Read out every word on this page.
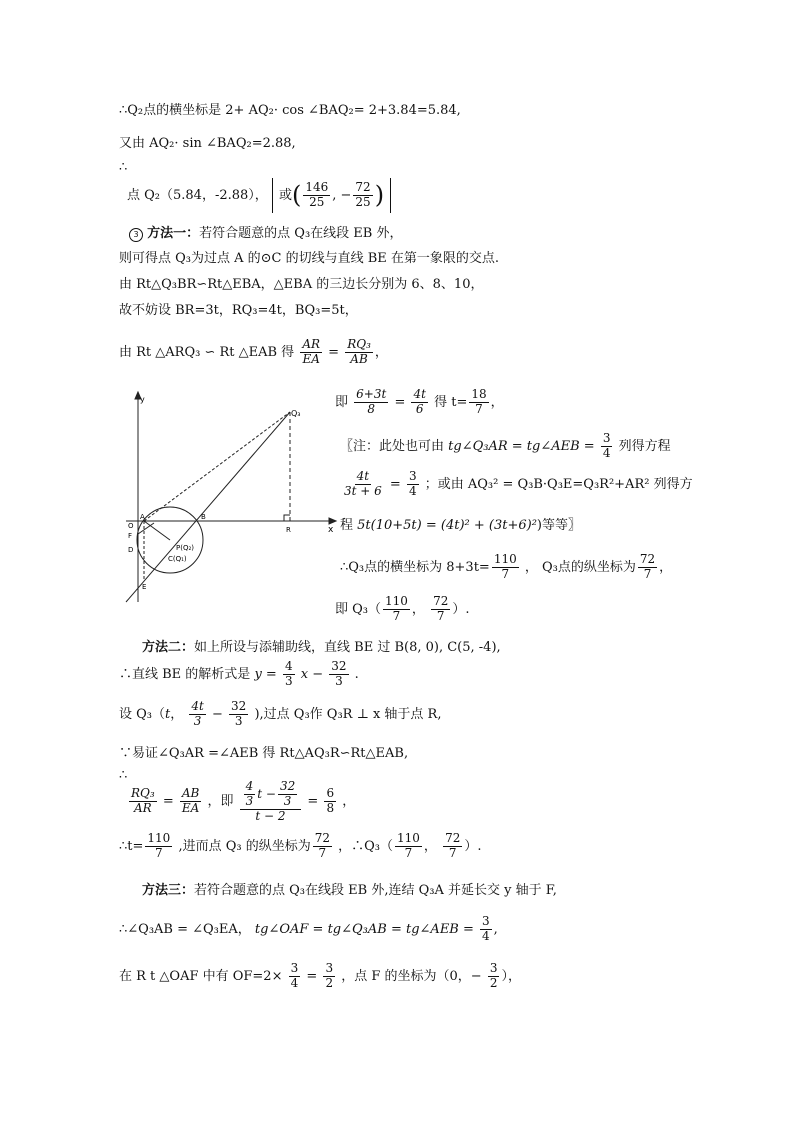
∴Q₂点的横坐标是 2+ AQ₂· cos ∠BAQ₂= 2+3.84=5.84,
又由 AQ₂· sin ∠BAQ₂=2.88,
∴
点 Q₂（5.84，-2.88）， 或 ( $\frac{146}{25}$ , − $\frac{72}{25}$ )
3 方法一：若符合题意的点 Q₃在线段 EB 外，
则可得点 Q₃为过点 A 的⊙C 的切线与直线 BE 在第一象限的交点.
由 Rt△Q₃BR∽Rt△EBA，△EBA 的三边长分别为 6、8、10，
故不妨设 BR=3t，RQ₃=4t，BQ₃=5t，
由 Rt △ARQ₃ ∽ Rt △EAB 得 $\frac{AR}{EA} = \frac{\text{RQ₃}}{AB}$ ，
y
x
Q₃
A	B
O
E
D
F
R
P(Q₂)
C(Q₁)
即 $\frac{6+3t}{8} = \frac{4t}{6}$ 得 $t= \frac{18}{7}$ ，
〖注：此处也可由 tg∠Q₃AR = tg∠AEB = $\frac{3}{4}$ 列得方程
$\frac{4t}{3t + 6} = \frac{3}{4}$ ；或由 AQ₃² = Q₃B·Q₃E=Q₃R²+AR² 列得方
程 5t(10+5t) = (4t)² + (3t+6)²)等等〗
∴Q₃点的横坐标为 $8+3t= \frac{110}{7}$ ， Q₃点的纵坐标为 $\frac{72}{7}$ ，
即 $Q_3( \frac{110}{7}$ ， $\frac{72}{7}$ ）.
方法二：如上所设与添辅助线，直线 BE 过 B(8, 0), C(5, -4),
∴直线 BE 的解析式是 $y = \frac{4}{3}$ $x - \frac{32}{3}$ .
设 Q₃（t， $\frac{4t}{3} - \frac{32}{3}$ ),过点 Q₃作 Q₃R ⊥ x 轴于点 R,
∵易证∠Q₃AR =∠AEB 得 Rt△AQ₃R∽Rt△EAB,
∴
$\frac{\text{RQ₃}}{AR} = \frac{AB}{EA}$ ，即 $\frac{\frac{4}{3} t - \frac{32}{3}}{t - 2} = \frac{6}{8}$ ，
∴t= $\frac{110}{7}$ ,进而点 Q₃ 的纵坐标为 $\frac{72}{7}$ ，∴Q₃（ $\frac{110}{7}$ ， $\frac{72}{7}$ ）.
方法三：若符合题意的点 Q₃在线段 EB 外,连结 Q₃A 并延长交 y 轴于 F,
∴∠Q₃AB = ∠Q₃EA， tg∠OAF = tg∠Q₃AB = tg∠AEB = $\frac{3}{4}$ ,
在 R t △OAF 中有 $OF=2\times \frac{3}{4} = \frac{3}{2}$ ，点 F 的坐标为（0，− $\frac{3}{2}$ ），
